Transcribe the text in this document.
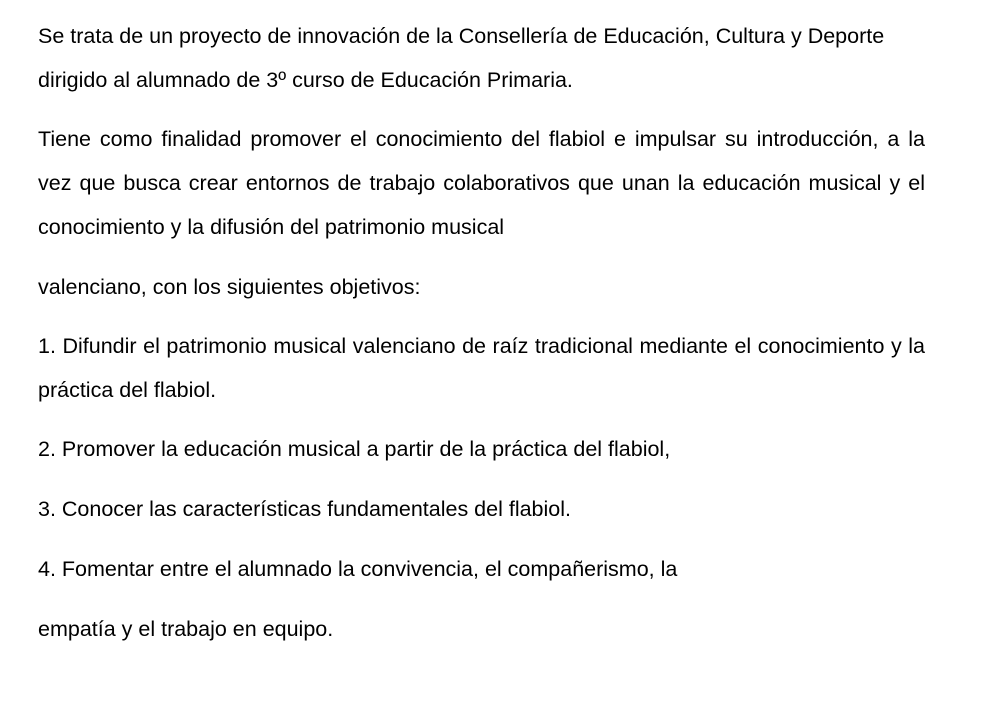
Se trata de un proyecto de innovación de la Consellería de Educación, Cultura y Deporte dirigido al alumnado de 3º curso de Educación Primaria.

Tiene como finalidad promover el conocimiento del flabiol e impulsar su introducción, a la vez que busca crear entornos de trabajo colaborativos que unan la educación musical y el conocimiento y la difusión del patrimonio musical

valenciano, con los siguientes objetivos:

1. Difundir el patrimonio musical valenciano de raíz tradicional mediante el conocimiento y la práctica del flabiol.

2. Promover la educación musical a partir de la práctica del flabiol,

3. Conocer las características fundamentales del flabiol.

4. Fomentar entre el alumnado la convivencia, el compañerismo, la

empatía y el trabajo en equipo.
